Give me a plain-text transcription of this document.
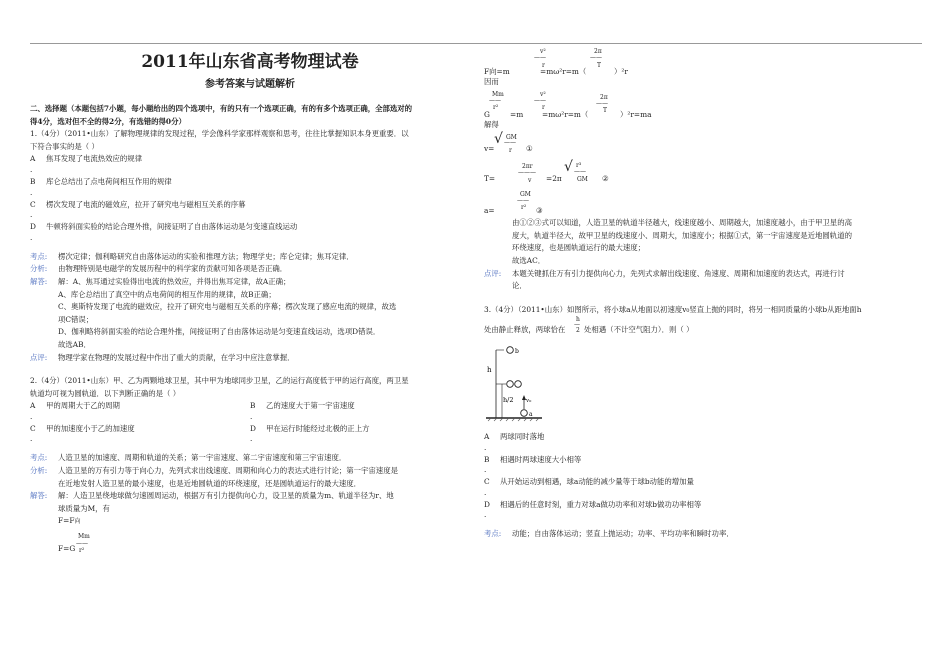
2011年山东省高考物理试卷
参考答案与试题解析
二、选择题（本题包括7小题，每小题给出的四个选项中，有的只有一个选项正确，有的有多个选项正确，全部选对的
得4分，选对但不全的得2分，有选错的得0分）
1.（4分）（2011•山东）了解物理规律的发现过程，学会像科学家那样观察和思考，往往比掌握知识本身更重要．以
下符合事实的是（ ）
A 焦耳发现了电流热效应的规律
.
B 库仑总结出了点电荷间相互作用的规律
.
C 楞次发现了电流的磁效应，拉开了研究电与磁相互关系的序幕
.
D 牛顿将斜面实验的结论合理外推，间接证明了自由落体运动是匀变速直线运动
.
考点:	楞次定律；伽利略研究自由落体运动的实验和推理方法；物理学史；库仑定律；焦耳定律．
分析:	由物理特别是电磁学的发展历程中的科学家的贡献可知各项是否正确．
解答:	解：A、焦耳通过实验得出电流的热效应，并得出焦耳定律，故A正确；
A、库仑总结出了真空中的点电荷间的相互作用的规律，故B正确；
C、奥斯特发现了电流的磁效应，拉开了研究电与磁相互关系的序幕；楞次发现了感应电流的规律，故选
项C错误；
D、伽利略将斜面实验的结论合理外推，间接证明了自由落体运动是匀变速直线运动，选项D错误．
故选AB．
点评:	物理学家在物理的发展过程中作出了重大的贡献，在学习中应注意掌握．
2.（4分）（2011•山东）甲、乙为两颗地球卫星，其中甲为地球同步卫星，乙的运行高度低于甲的运行高度，两卫星
轨道均可视为圆轨道．以下判断正确的是（ ）
A 甲的周期大于乙的周期
.
B 乙的速度大于第一宇宙速度
.
C 甲的加速度小于乙的加速度
.
D 甲在运行时能经过北极的正上方
.
考点:	人造卫星的加速度、周期和轨道的关系；第一宇宙速度、第二宇宙速度和第三宇宙速度．
分析:	人造卫星的万有引力等于向心力，先列式求出线速度、周期和向心力的表达式进行讨论；第一宇宙速度是
在近地发射人造卫星的最小速度，也是近地圆轨道的环绕速度，还是圆轨道运行的最大速度．
解答:	解：人造卫星绕地球做匀速圆周运动，根据万有引力提供向心力，设卫星的质量为m、轨道半径为r、地
球质量为M，有
F=F向
F=G
Mm
——
r²
v²
——
r
2π
——
T
F向=m	=mω²r=m（	）²r
因而
Mm
——
r²
v²
——
r
2π
——
T
G	=m	=mω²r=m（	）²r=ma
解得
v=
√ GM
——
r ①
2πr
———
v
T=	=2π
√ r³
——
GM ②
GM
——
r²
a=	③
由①②③式可以知道，人造卫星的轨道半径越大，线速度越小、周期越大，加速度越小，由于甲卫星的高
度大，轨道半径大，故甲卫星的线速度小、周期大，加速度小；根据①式，第一宇宙速度是近地圆轨道的
环绕速度，也是圆轨道运行的最大速度；
故选AC．
点评:	本题关键抓住万有引力提供向心力，先列式求解出线速度、角速度、周期和加速度的表达式，再进行讨
论．
3.（4分）（2011•山东）如图所示，将小球a从地面以初速度v₀竖直上抛的同时，将另一相同质量的小球b从距地面h
h
—
2
处由静止释放，两球恰在	处相遇（不计空气阻力）．则（ ）
h
h/2
b
a
v₀
A 两球同时落地
.
B 相遇时两球速度大小相等
.
C 从开始运动到相遇，球a动能的减少量等于球b动能的增加量
.
D 相遇后的任意时刻，重力对球a做功功率和对球b做功功率相等
.
考点:	动能；自由落体运动；竖直上抛运动；功率、平均功率和瞬时功率．
